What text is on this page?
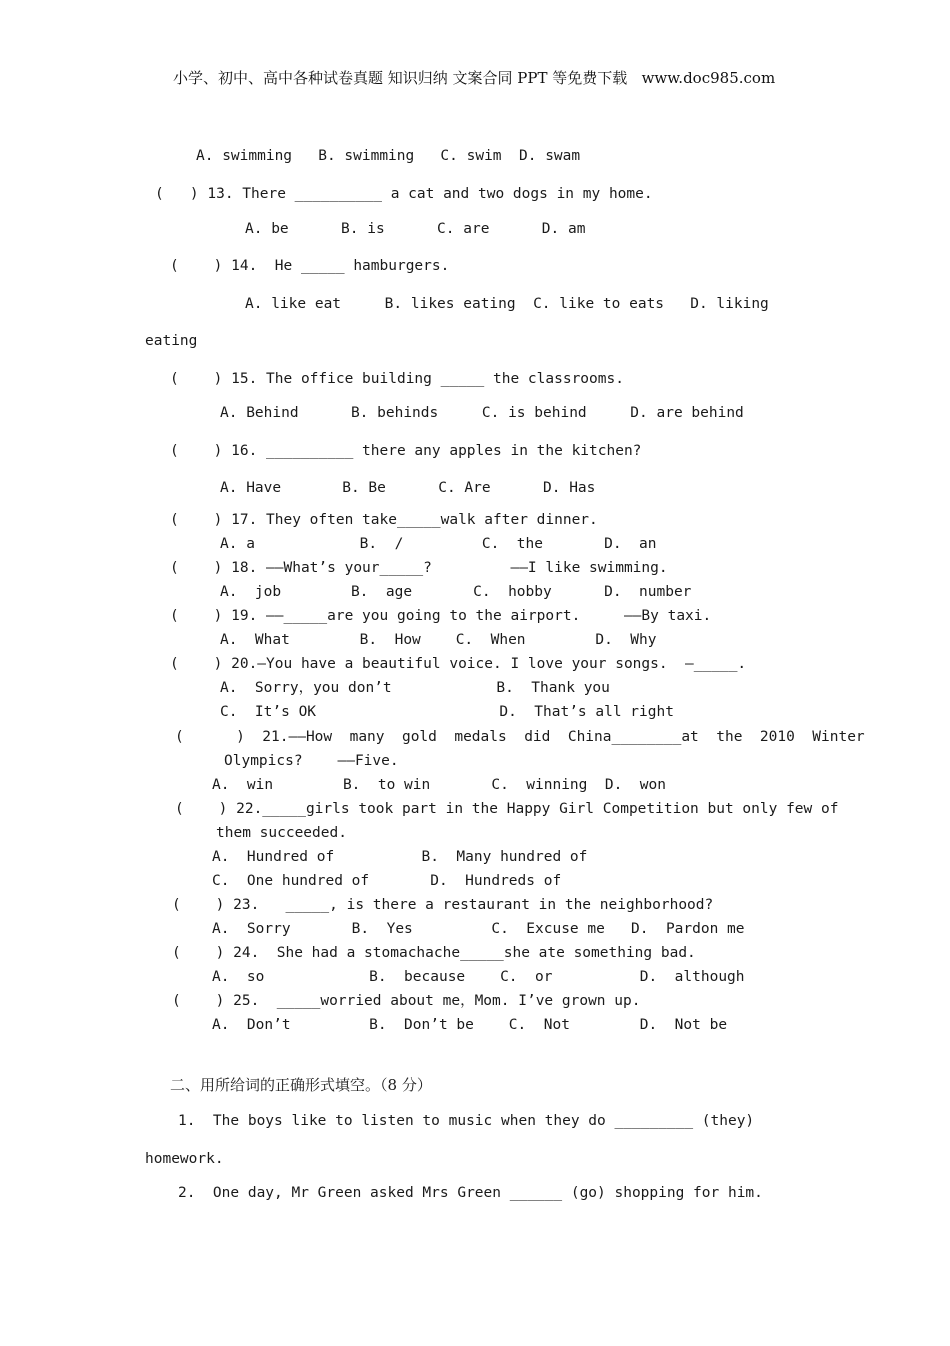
小学、初中、高中各种试卷真题 知识归纳 文案合同 PPT 等免费下载   www.doc985.com
A. swimming   B. swimming   C. swim  D. swam
(   ) 13. There __________ a cat and two dogs in my home.
A. be      B. is      C. are      D. am
(    ) 14.  He _____ hamburgers.
A. like eat     B. likes eating  C. like to eats   D. liking
eating
(    ) 15. The office building _____ the classrooms.
A. Behind      B. behinds     C. is behind     D. are behind
(    ) 16. __________ there any apples in the kitchen?
A. Have       B. Be      C. Are      D. Has
(    ) 17. They often take_____walk after dinner.
A. a            B.  /         C.  the       D.  an
(    ) 18. ——What’s your_____?         ——I like swimming.
A.  job        B.  age       C.  hobby      D.  number
(    ) 19. ——_____are you going to the airport.     ——By taxi.
A.  What        B.  How    C.  When        D.  Why
(    ) 20.—You have a beautiful voice. I love your songs.  —_____.
A.  Sorry，you don’t            B.  Thank you
C.  It’s OK                     D.  That’s all right
(      )  21.——How  many  gold  medals  did  China________at  the  2010  Winter
Olympics?    ——Five.
A.  win        B.  to win       C.  winning  D.  won
(    ) 22._____girls took part in the Happy Girl Competition but only few of
them succeeded.
A.  Hundred of          B.  Many hundred of
C.  One hundred of       D.  Hundreds of
(    ) 23.   _____, is there a restaurant in the neighborhood?
A.  Sorry       B.  Yes         C.  Excuse me   D.  Pardon me
(    ) 24.  She had a stomachache_____she ate something bad.
A.  so            B.  because    C.  or          D.  although
(    ) 25.  _____worried about me，Mom. I’ve grown up.
A.  Don’t         B.  Don’t be    C.  Not        D.  Not be
二、用所给词的正确形式填空。（8 分）
1.  The boys like to listen to music when they do _________ (they)
homework.
2.  One day, Mr Green asked Mrs Green ______ (go) shopping for him.
